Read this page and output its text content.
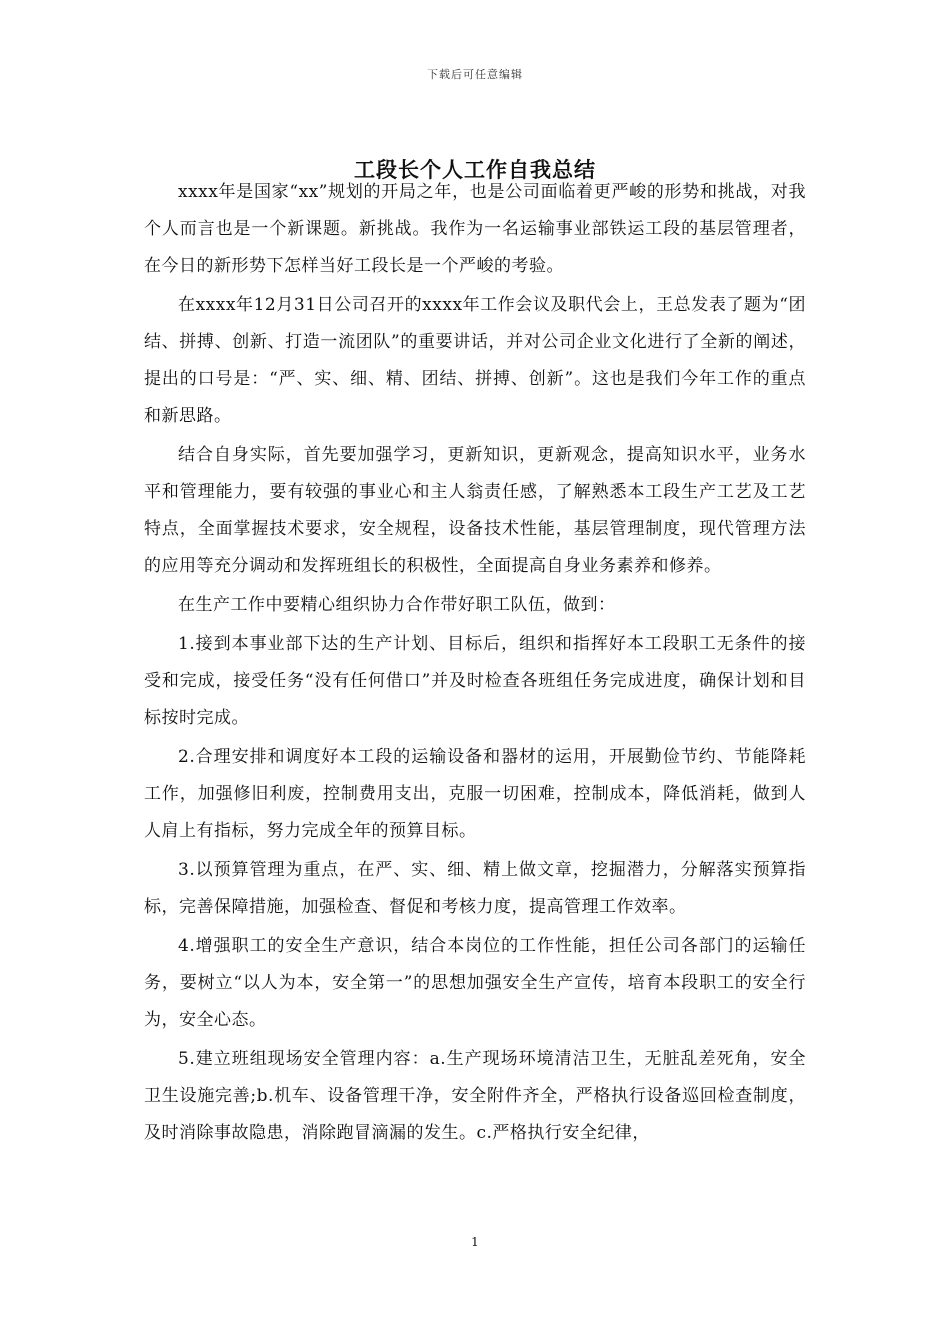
下载后可任意编辑
工段长个人工作自我总结

xxxx年是国家“xx”规划的开局之年，也是公司面临着更严峻的形势和挑战，对我个人而言也是一个新课题。新挑战。我作为一名运输事业部铁运工段的基层管理者，在今日的新形势下怎样当好工段长是一个严峻的考验。

在xxxx年12月31日公司召开的xxxx年工作会议及职代会上，王总发表了题为“团结、拼搏、创新、打造一流团队”的重要讲话，并对公司企业文化进行了全新的阐述，提出的口号是：“严、实、细、精、团结、拼搏、创新”。这也是我们今年工作的重点和新思路。

结合自身实际，首先要加强学习，更新知识，更新观念，提高知识水平，业务水平和管理能力，要有较强的事业心和主人翁责任感，了解熟悉本工段生产工艺及工艺特点，全面掌握技术要求，安全规程，设备技术性能，基层管理制度，现代管理方法的应用等充分调动和发挥班组长的积极性，全面提高自身业务素养和修养。

在生产工作中要精心组织协力合作带好职工队伍，做到：

1.接到本事业部下达的生产计划、目标后，组织和指挥好本工段职工无条件的接受和完成，接受任务“没有任何借口”并及时检查各班组任务完成进度，确保计划和目标按时完成。

2.合理安排和调度好本工段的运输设备和器材的运用，开展勤俭节约、节能降耗工作，加强修旧利废，控制费用支出，克服一切困难，控制成本，降低消耗，做到人人肩上有指标，努力完成全年的预算目标。

3.以预算管理为重点，在严、实、细、精上做文章，挖掘潜力，分解落实预算指标，完善保障措施，加强检查、督促和考核力度，提高管理工作效率。

4.增强职工的安全生产意识，结合本岗位的工作性能，担任公司各部门的运输任务，要树立“以人为本，安全第一”的思想加强安全生产宣传，培育本段职工的安全行为，安全心态。

5.建立班组现场安全管理内容：a.生产现场环境清洁卫生，无脏乱差死角，安全卫生设施完善;b.机车、设备管理干净，安全附件齐全，严格执行设备巡回检查制度，及时消除事故隐患，消除跑冒滴漏的发生。c.严格执行安全纪律，

1
